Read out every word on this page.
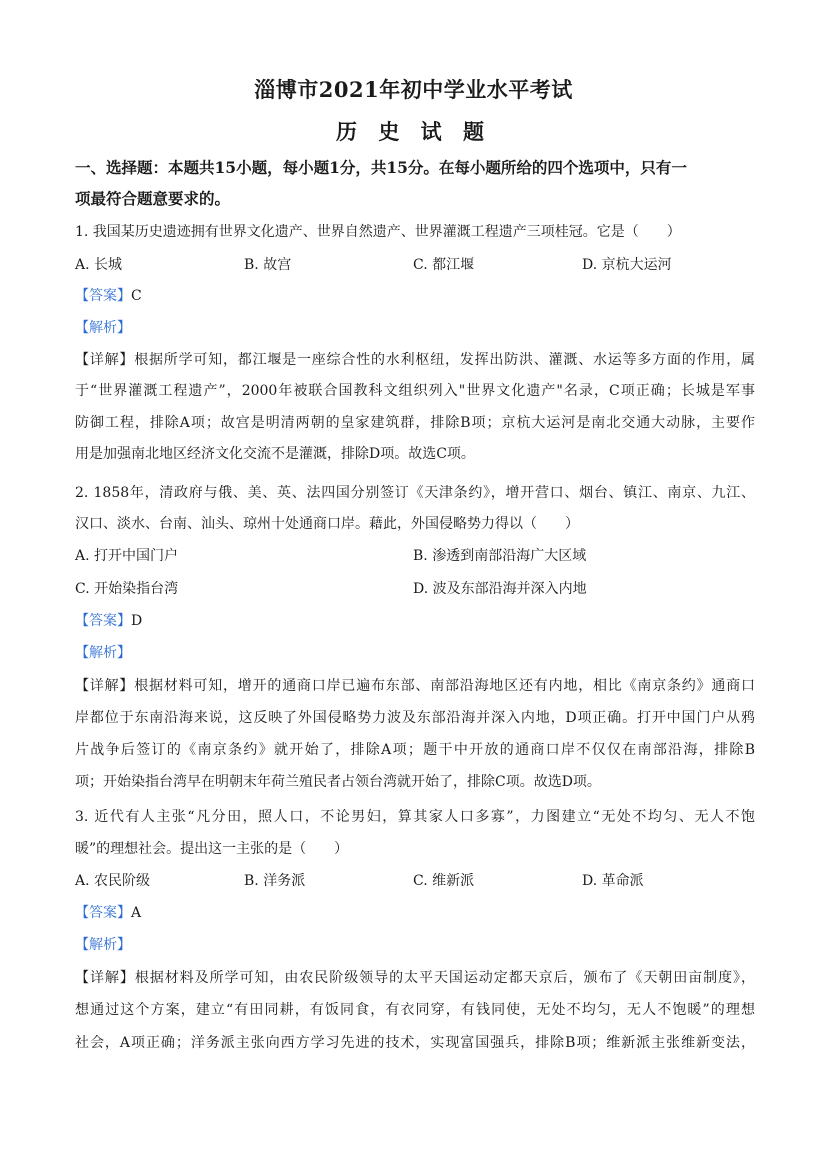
淄博市2021年初中学业水平考试
历 史 试 题
一、选择题：本题共15小题，每小题1分，共15分。在每小题所给的四个选项中，只有一
项最符合题意要求的。
1. 我国某历史遗迹拥有世界文化遗产、世界自然遗产、世界灌溉工程遗产三项桂冠。它是（　　）
A. 长城	B. 故宫	C. 都江堰	D. 京杭大运河
【答案】C
【解析】
【详解】根据所学可知，都江堰是一座综合性的水利枢纽，发挥出防洪、灌溉、水运等多方面的作用，属
于“世界灌溉工程遗产”，2000年被联合国教科文组织列入"世界文化遗产"名录，C项正确；长城是军事
防御工程，排除A项；故宫是明清两朝的皇家建筑群，排除B项；京杭大运河是南北交通大动脉，主要作
用是加强南北地区经济文化交流不是灌溉，排除D项。故选C项。
2. 1858年，清政府与俄、美、英、法四国分别签订《天津条约》，增开营口、烟台、镇江、南京、九江、
汉口、淡水、台南、汕头、琼州十处通商口岸。藉此，外国侵略势力得以（　　）
A. 打开中国门户	B. 渗透到南部沿海广大区域
C. 开始染指台湾	D. 波及东部沿海并深入内地
【答案】D
【解析】
【详解】根据材料可知，增开的通商口岸已遍布东部、南部沿海地区还有内地，相比《南京条约》通商口
岸都位于东南沿海来说，这反映了外国侵略势力波及东部沿海并深入内地，D项正确。打开中国门户从鸦
片战争后签订的《南京条约》就开始了，排除A项；题干中开放的通商口岸不仅仅在南部沿海，排除B
项；开始染指台湾早在明朝末年荷兰殖民者占领台湾就开始了，排除C项。故选D项。
3. 近代有人主张“凡分田，照人口，不论男妇，算其家人口多寡”，力图建立“无处不均匀、无人不饱
暖”的理想社会。提出这一主张的是（　　）
A. 农民阶级	B. 洋务派	C. 维新派	D. 革命派
【答案】A
【解析】
【详解】根据材料及所学可知，由农民阶级领导的太平天国运动定都天京后，颁布了《天朝田亩制度》，
想通过这个方案，建立“有田同耕，有饭同食，有衣同穿，有钱同使，无处不均匀，无人不饱暖”的理想
社会，A项正确；洋务派主张向西方学习先进的技术，实现富国强兵，排除B项；维新派主张维新变法，
